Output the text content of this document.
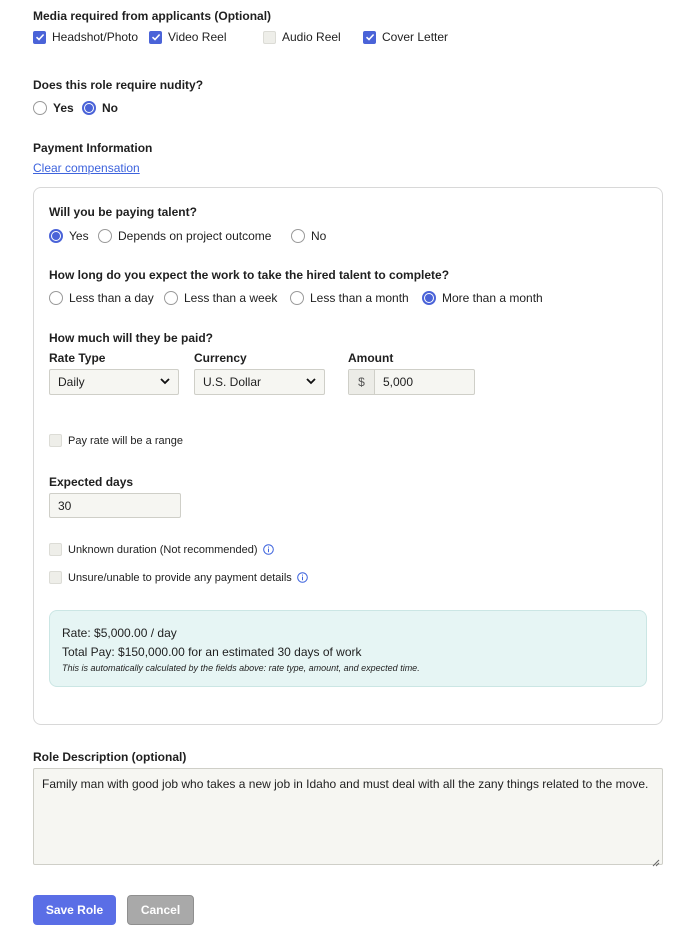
Media required from applicants (Optional)
Headshot/Photo Video Reel	Audio Reel	Cover Letter
Does this role require nudity?
Yes No
Payment Information
Clear compensation
Will you be paying talent?
Yes Depends on project outcome	No
How long do you expect the work to take the hired talent to complete?
Less than a day	Less than a week	Less than a month	More than a month
How much will they be paid?
Rate Type	Currency	Amount
Daily	U.S. Dollar	$	5,000
Pay rate will be a range
Expected days
30
Unknown duration (Not recommended)
Unsure/unable to provide any payment details
Rate: $5,000.00 / day
Total Pay: $150,000.00 for an estimated 30 days of work
This is automatically calculated by the fields above: rate type, amount, and expected time.
Role Description (optional)
Family man with good job who takes a new job in Idaho and must deal with all the zany things related to the move.
Save Role	Cancel
